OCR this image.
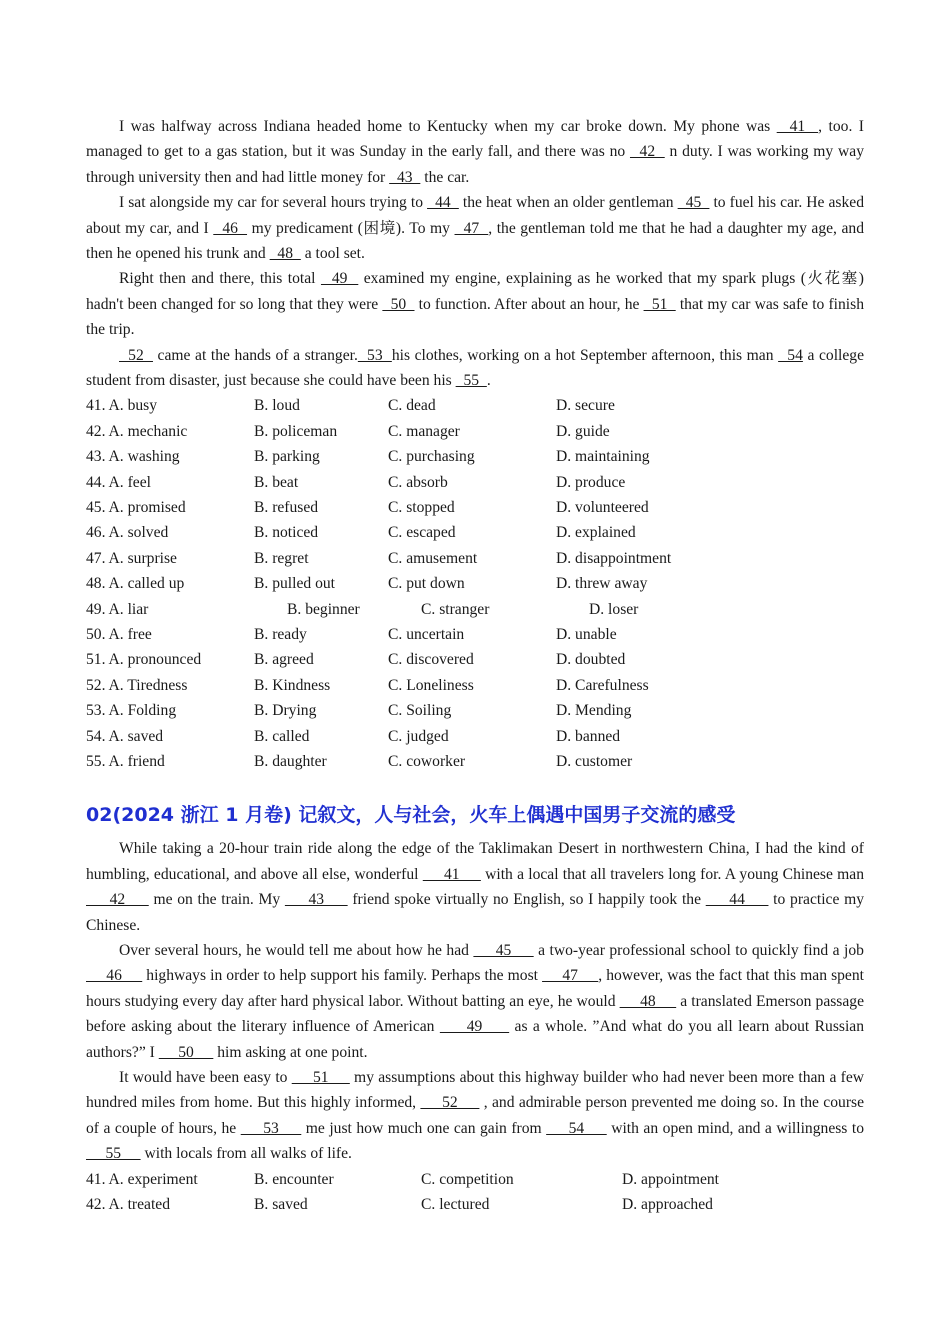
I was halfway across Indiana headed home to Kentucky when my car broke down. My phone was   41  , too. I managed to get to a gas station, but it was Sunday in the early fall, and there was no   42   n duty. I was working my way through university then and had little money for   43   the car.

I sat alongside my car for several hours trying to   44   the heat when an older gentleman   45   to fuel his car. He asked about my car, and I   46   my predicament (困境). To my   47  , the gentleman told me that he had a daughter my age, and then he opened his trunk and   48   a tool set.

Right then and there, this total   49   examined my engine, explaining as he worked that my spark plugs (火花塞) hadn't been changed for so long that they were   50   to function. After about an hour, he   51   that my car was safe to finish the trip.

52   came at the hands of a stranger.  53  his clothes, working on a hot September afternoon, this man   54 a college student from disaster, just because she could have been his   55  .

41. A. busy	B. loud	C. dead	D. secure
42. A. mechanic	B. policeman	C. manager	D. guide
43. A. washing	B. parking	C. purchasing	D. maintaining
44. A. feel	B. beat	C. absorb	D. produce
45. A. promised	B. refused	C. stopped	D. volunteered
46. A. solved	B. noticed	C. escaped	D. explained
47. A. surprise	B. regret	C. amusement	D. disappointment
48. A. called up	B. pulled out	C. put down	D. threw away
49. A. liar	B. beginner	C. stranger	D. loser
50. A. free	B. ready	C. uncertain	D. unable
51. A. pronounced	B. agreed	C. discovered	D. doubted
52. A. Tiredness	B. Kindness	C. Loneliness	D. Carefulness
53. A. Folding	B. Drying	C. Soiling	D. Mending
54. A. saved	B. called	C. judged	D. banned
55. A. friend	B. daughter	C. coworker	D. customer

02(2024 浙江 1 月卷) 记叙文，人与社会，火车上偶遇中国男子交流的感受

While taking a 20-hour train ride along the edge of the Taklimakan Desert in northwestern China, I had the kind of humbling, educational, and above all else, wonderful      41      with a local that all travelers long for. A young Chinese man      42      me on the train. My      43      friend spoke virtually no English, so I happily took the      44      to practice my Chinese.

Over several hours, he would tell me about how he had      45      a two-year professional school to quickly find a job      46      highways in order to help support his family. Perhaps the most      47     , however, was the fact that this man spent hours studying every day after hard physical labor. Without batting an eye, he would      48      a translated Emerson passage before asking about the literary influence of American      49      as a whole. ”And what do you all learn about Russian authors?” I      50      him asking at one point.

It would have been easy to      51      my assumptions about this highway builder who had never been more than a few hundred miles from home. But this highly informed,      52      , and admirable person prevented me doing so. In the course of a couple of hours, he      53      me just how much one can gain from      54      with an open mind, and a willingness to      55      with locals from all walks of life.

41. A. experiment	B. encounter	C. competition	D. appointment
42. A. treated	B. saved	C. lectured	D. approached
